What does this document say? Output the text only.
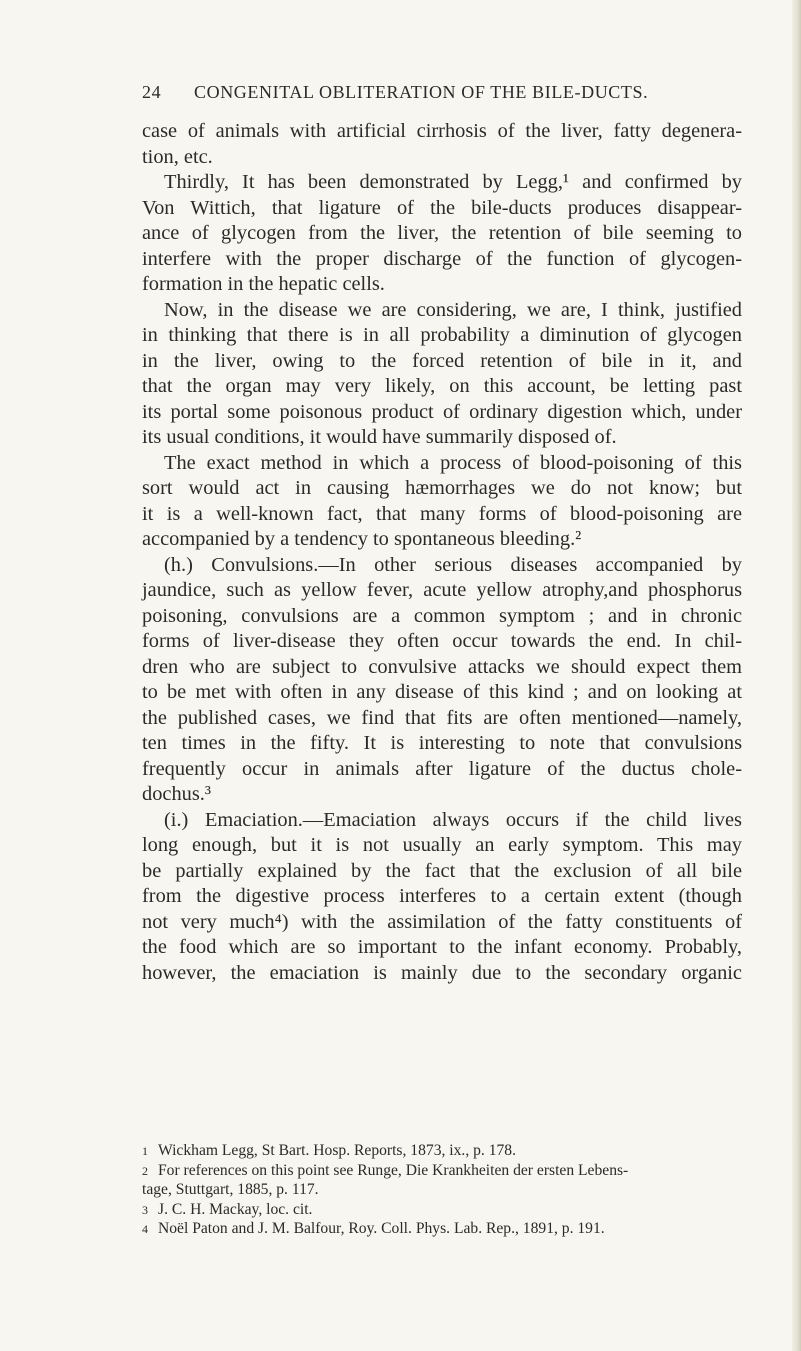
24 CONGENITAL OBLITERATION OF THE BILE-DUCTS.
case of animals with artificial cirrhosis of the liver, fatty degenera-
tion, etc.
Thirdly, It has been demonstrated by Legg,¹ and confirmed by
Von Wittich, that ligature of the bile-ducts produces disappear-
ance of glycogen from the liver, the retention of bile seeming to
interfere with the proper discharge of the function of glycogen-
formation in the hepatic cells.
Now, in the disease we are considering, we are, I think, justified
in thinking that there is in all probability a diminution of glycogen
in the liver, owing to the forced retention of bile in it, and
that the organ may very likely, on this account, be letting past
its portal some poisonous product of ordinary digestion which, under
its usual conditions, it would have summarily disposed of.
The exact method in which a process of blood-poisoning of this
sort would act in causing hæmorrhages we do not know; but
it is a well-known fact, that many forms of blood-poisoning are
accompanied by a tendency to spontaneous bleeding.²
(h.) Convulsions.—In other serious diseases accompanied by
jaundice, such as yellow fever, acute yellow atrophy,and phosphorus
poisoning, convulsions are a common symptom ; and in chronic
forms of liver-disease they often occur towards the end. In chil-
dren who are subject to convulsive attacks we should expect them
to be met with often in any disease of this kind ; and on looking at
the published cases, we find that fits are often mentioned—namely,
ten times in the fifty. It is interesting to note that convulsions
frequently occur in animals after ligature of the ductus chole-
dochus.³
(i.) Emaciation.—Emaciation always occurs if the child lives
long enough, but it is not usually an early symptom. This may
be partially explained by the fact that the exclusion of all bile
from the digestive process interferes to a certain extent (though
not very much⁴) with the assimilation of the fatty constituents of
the food which are so important to the infant economy. Probably,
however, the emaciation is mainly due to the secondary organic
1 Wickham Legg, St Bart. Hosp. Reports, 1873, ix., p. 178.
2 For references on this point see Runge, Die Krankheiten der ersten Lebens-
tage, Stuttgart, 1885, p. 117.
3 J. C. H. Mackay, loc. cit.
4 Noël Paton and J. M. Balfour, Roy. Coll. Phys. Lab. Rep., 1891, p. 191.
